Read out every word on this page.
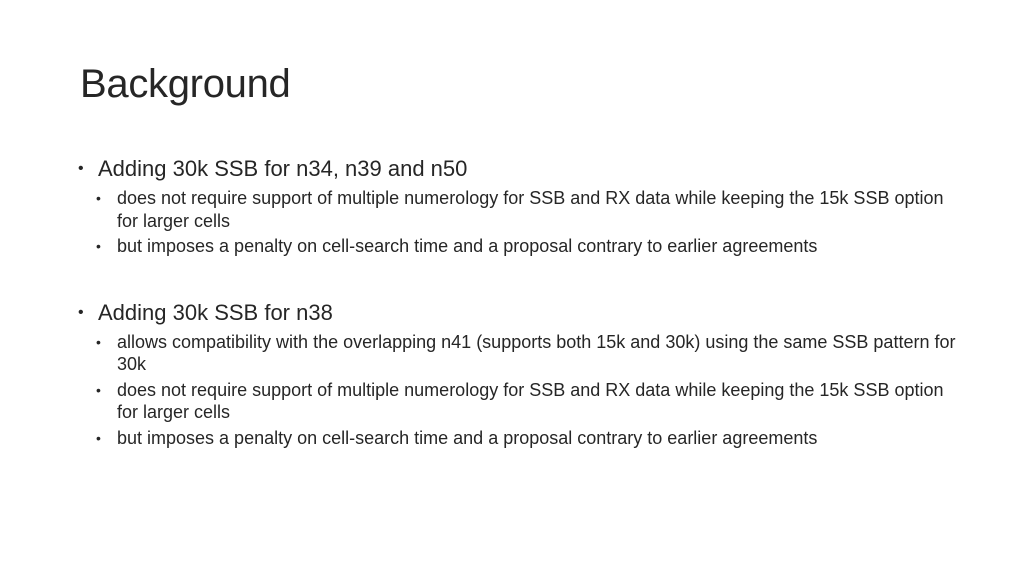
Background
• Adding 30k SSB for n34, n39 and n50
• does not require support of multiple numerology for SSB and RX data while keeping the 15k SSB option for larger cells
• but imposes a penalty on cell-search time and a proposal contrary to earlier agreements
• Adding 30k SSB for n38
• allows compatibility with the overlapping n41 (supports both 15k and 30k) using the same SSB pattern for 30k
• does not require support of multiple numerology for SSB and RX data while keeping the 15k SSB option for larger cells
• but imposes a penalty on cell-search time and a proposal contrary to earlier agreements
